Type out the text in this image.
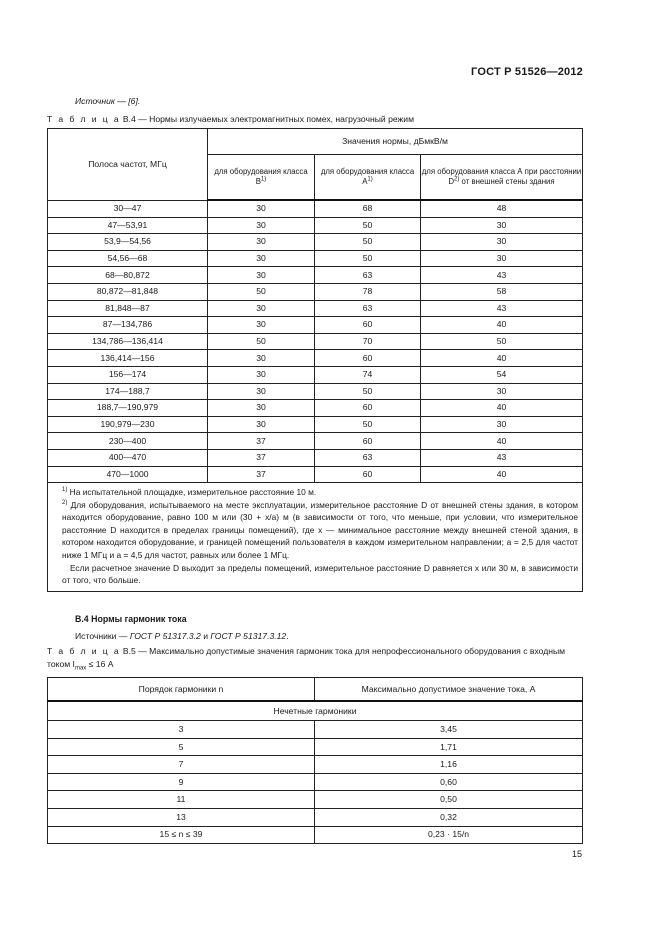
ГОСТ Р 51526—2012
Источник — [6].
Т а б л и ц а В.4 — Нормы излучаемых электромагнитных помех, нагрузочный режим
Полоса частот, МГц	Значения нормы, дБмкВ/м		
	для оборудования класса $В^{1)}$	для оборудования класса $А^{1)}$	для оборудования класса А при расстоянии $D^{2)}$ от внешней стены здания
30—47	30	68	48
47—53,91	30	50	30
53,9—54,56	30	50	30
54,56—68	30	50	30
68—80,872	30	63	43
80,872—81,848	50	78	58
81,848—87	30	63	43
87—134,786	30	60	40
134,786—136,414	50	70	50
136,414—156	30	60	40
156—174	30	74	54
174—188,7	30	50	30
188,7—190,979	30	60	40
190,979—230	30	50	30
230—400	37	60	40
400—470	37	63	43
470—1000	37	60	40

$^{1)}$ На испытательной площадке, измерительное расстояние 10 м.

$^{2)}$ Для оборудования, испытываемого на месте эксплуатации, измерительное расстояние D от внешней стены здания, в котором находится оборудование, равно 100 м или (30 + x/a) м (в зависимости от того, что меньше, при условии, что измерительное расстояние D находится в пределах границы помещений), где x — минимальное расстояние между внешней стеной здания, в котором находится оборудование, и границей помещений пользователя в каждом измерительном направлении; a = 2,5 для частот ниже 1 МГц и a = 4,5 для частот, равных или более 1 МГц.

Если расчетное значение D выходит за пределы помещений, измерительное расстояние D равняется x или 30 м, в зависимости от того, что больше.			

В.4 Нормы гармоник тока
Источники — ГОСТ Р 51317.3.2 и ГОСТ Р 51317.3.12.
Т а б л и ц а В.5 — Максимально допустимые значения гармоник тока для непрофессионального оборудования с входным током $I_{max} \le 16$ А
Порядок гармоники n	Максимально допустимое значение тока, А
Нечетные гармоники	
3	3,45
5	1,71
7	1,16
9	0,60
11	0,50
13	0,32
15 ≤ n ≤ 39	0,23 · 15/n
15
